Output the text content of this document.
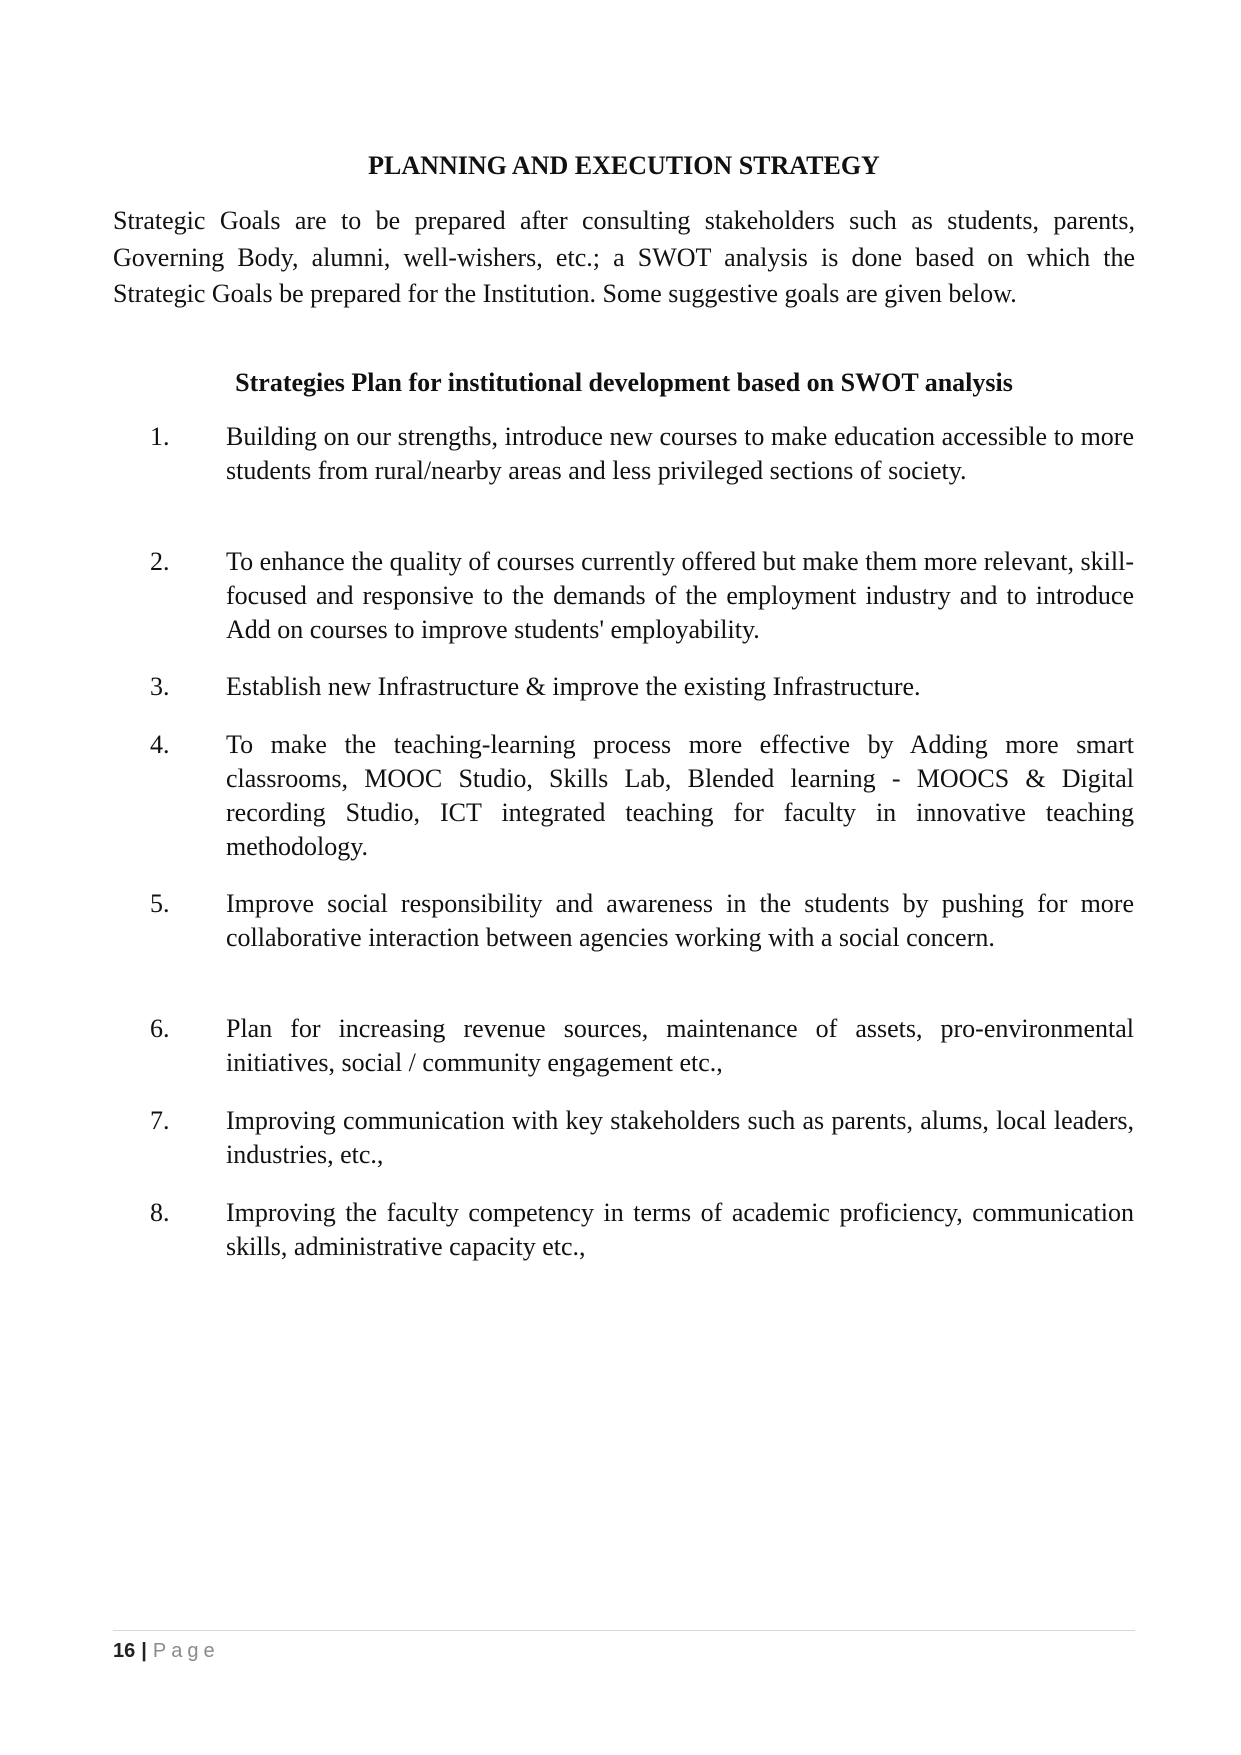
PLANNING AND EXECUTION STRATEGY

Strategic Goals are to be prepared after consulting stakeholders such as students, parents, Governing Body, alumni, well-wishers, etc.; a SWOT analysis is done based on which the Strategic Goals be prepared for the Institution. Some suggestive goals are given below.

Strategies Plan for institutional development based on SWOT analysis
1.	Building on our strengths, introduce new courses to make education accessible to more students from rural/nearby areas and less privileged sections of society.

2.	To enhance the quality of courses currently offered but make them more relevant, skill-focused and responsive to the demands of the employment industry and to introduce Add on courses to improve students' employability.

3.	Establish new Infrastructure & improve the existing Infrastructure.

4.	To make the teaching-learning process more effective by Adding more smart classrooms, MOOC Studio, Skills Lab, Blended learning - MOOCS & Digital recording Studio, ICT integrated teaching for faculty in innovative teaching methodology.

5.	Improve social responsibility and awareness in the students by pushing for more collaborative interaction between agencies working with a social concern.

6.	Plan for increasing revenue sources, maintenance of assets, pro-environmental initiatives, social / community engagement etc.,

7.	Improving communication with key stakeholders such as parents, alums, local leaders, industries, etc.,

8.	Improving the faculty competency in terms of academic proficiency, communication skills, administrative capacity etc.,

16 | Page
